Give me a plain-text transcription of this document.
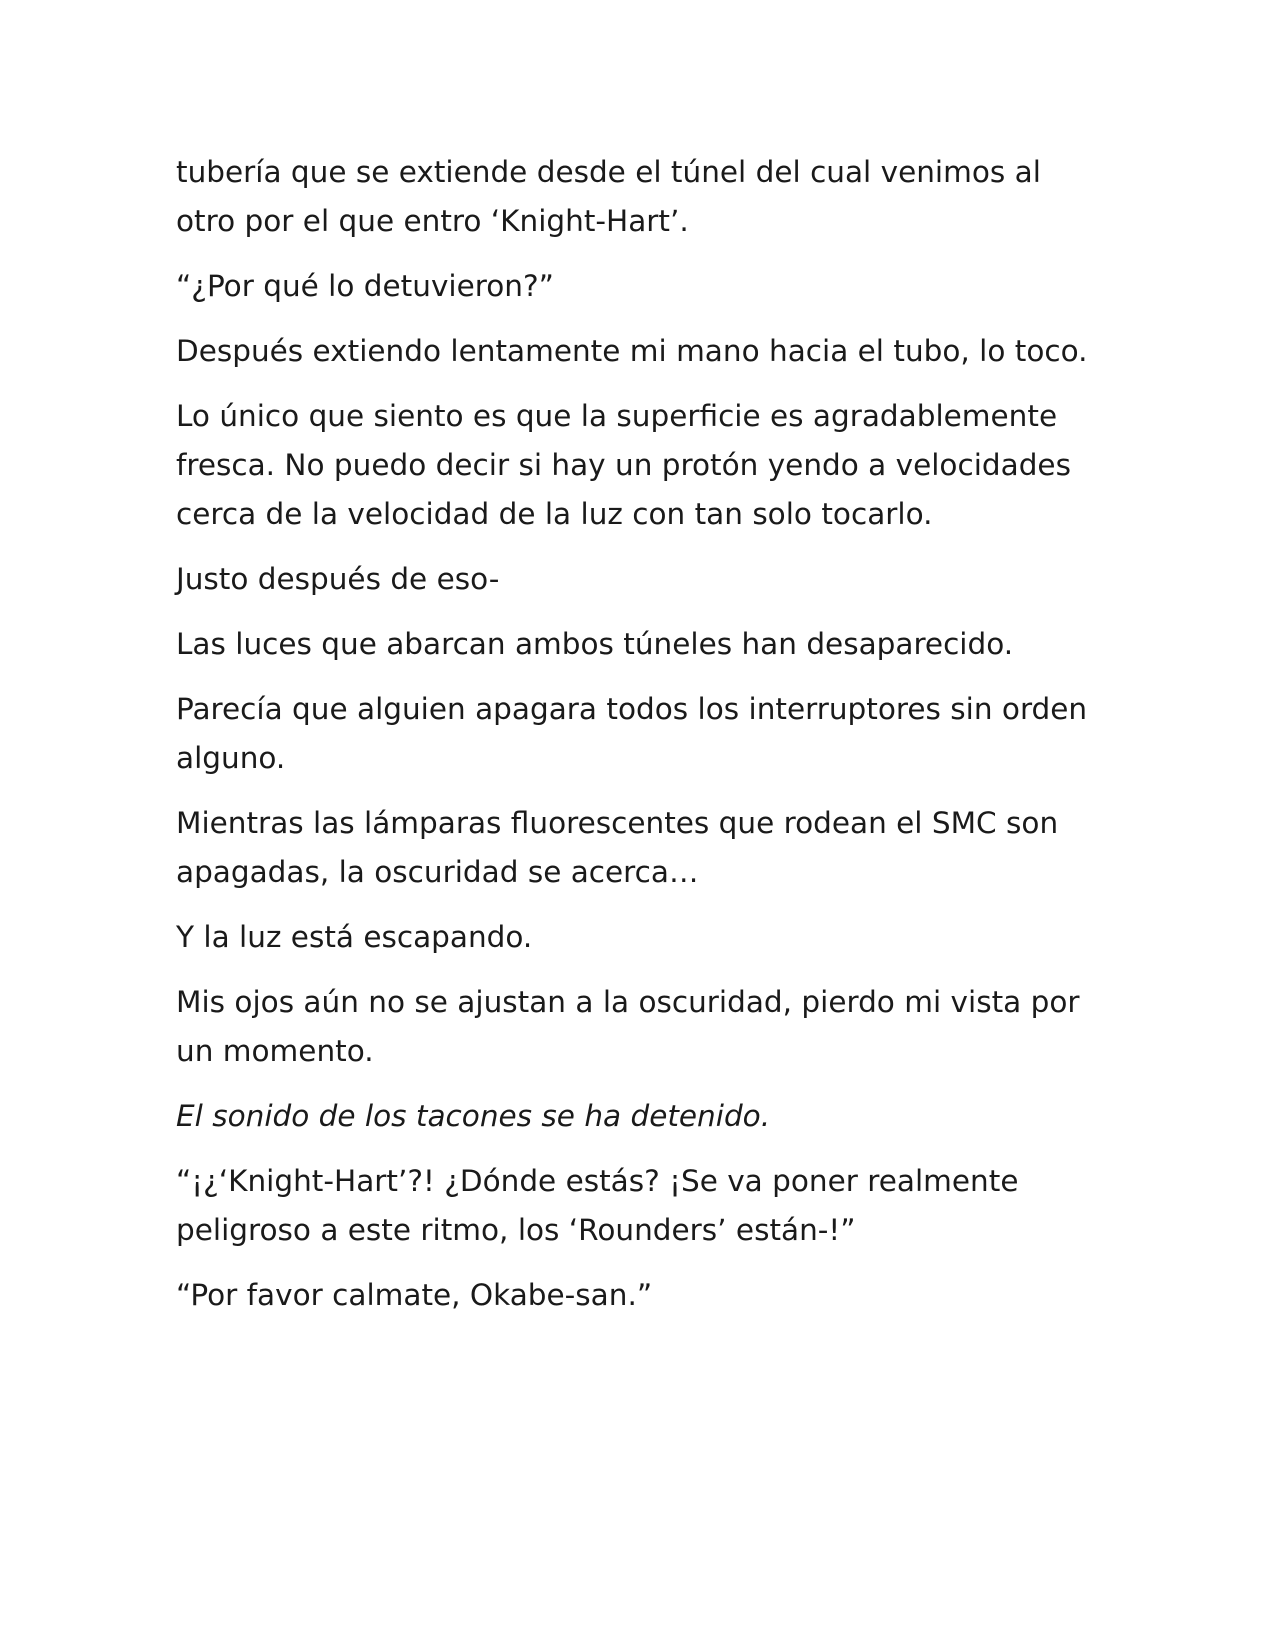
tubería que se extiende desde el túnel del cual venimos al otro por el que entro ‘Knight-Hart’.

“¿Por qué lo detuvieron?”

Después extiendo lentamente mi mano hacia el tubo, lo toco.

Lo único que siento es que la superficie es agradablemente fresca. No puedo decir si hay un protón yendo a velocidades cerca de la velocidad de la luz con tan solo tocarlo.

Justo después de eso-

Las luces que abarcan ambos túneles han desaparecido.

Parecía que alguien apagara todos los interruptores sin orden alguno.

Mientras las lámparas fluorescentes que rodean el SMC son apagadas, la oscuridad se acerca…

Y la luz está escapando.

Mis ojos aún no se ajustan a la oscuridad, pierdo mi vista por un momento.

El sonido de los tacones se ha detenido.

“¡¿‘Knight-Hart’?! ¿Dónde estás? ¡Se va poner realmente peligroso a este ritmo, los ‘Rounders’ están-!”

“Por favor calmate, Okabe-san.”
